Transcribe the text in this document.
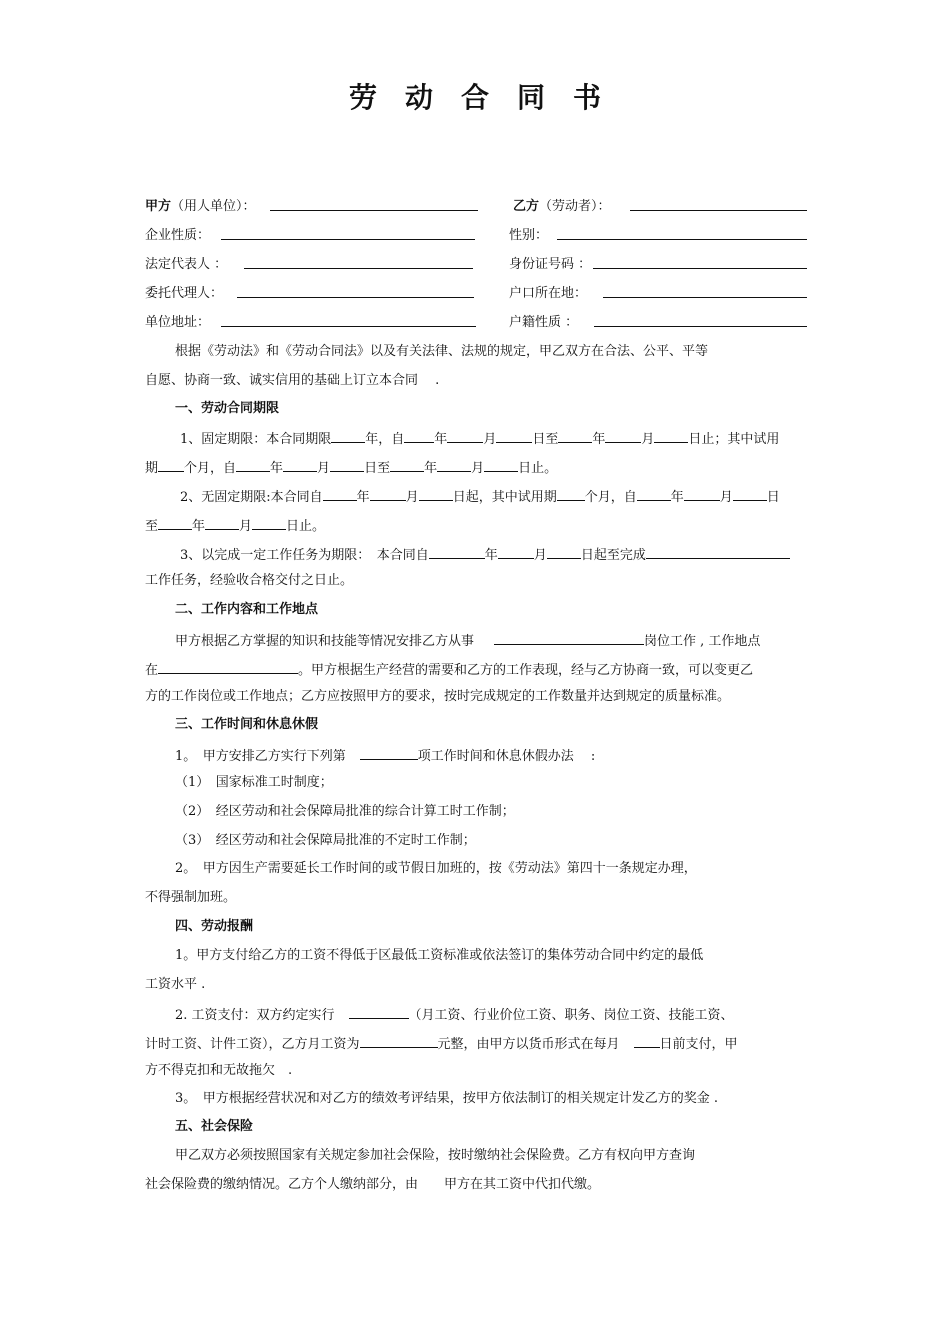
劳动合同书
甲方（用人单位）：	乙方（劳动者）：
企业性质：	性别：
法定代表人 ：	身份证号码 ：
委托代理人：	户口所在地：
单位地址：	户籍性质 ：
根据《劳动法》和《劳动合同法》以及有关法律、法规的规定，甲乙双方在合法、公平、平等
自愿、协商一致、诚实信用的基础上订立本合同　 .
一、劳动合同期限
1、固定期限：本合同期限	年，自 年	月	日至	年	月	日止；其中试用
期 个月，自	年	月	日至	年	月	日止。
2、无固定期限:本合同自	年	月	日起，其中试用期 个月，自	年	月	日
至	年	月	日止。
3、以完成一定工作任务为期限：　本合同自	年	月	日起至完成
工作任务，经验收合格交付之日止。
二、工作内容和工作地点
甲方根据乙方掌握的知识和技能等情况安排乙方从事	岗位工作 , 工作地点
在	。甲方根据生产经营的需要和乙方的工作表现，经与乙方协商一致，可以变更乙
方的工作岗位或工作地点；乙方应按照甲方的要求，按时完成规定的工作数量并达到规定的质量标准。
三、工作时间和休息休假
1。　甲方安排乙方实行下列第	项工作时间和休息休假办法　 :
（1）　国家标准工时制度；
（2）　经区劳动和社会保障局批准的综合计算工时工作制；
（3）　经区劳动和社会保障局批准的不定时工作制；
2。　甲方因生产需要延长工作时间的或节假日加班的，按《劳动法》第四十一条规定办理，
不得强制加班。
四、劳动报酬
1。甲方支付给乙方的工资不得低于区最低工资标准或依法签订的集体劳动合同中约定的最低
工资水平 .
2. 工资支付：双方约定实行	（月工资、行业价位工资、职务、岗位工资、技能工资、
计时工资、计件工资），乙方月工资为	元整，由甲方以货币形式在每月	日前支付，甲
方不得克扣和无故拖欠　.
3。　甲方根据经营状况和对乙方的绩效考评结果，按甲方依法制订的相关规定计发乙方的奖金 .
五、社会保险
甲乙双方必须按照国家有关规定参加社会保险，按时缴纳社会保险费。乙方有权向甲方查询
社会保险费的缴纳情况。乙方个人缴纳部分，由　　甲方在其工资中代扣代缴。
